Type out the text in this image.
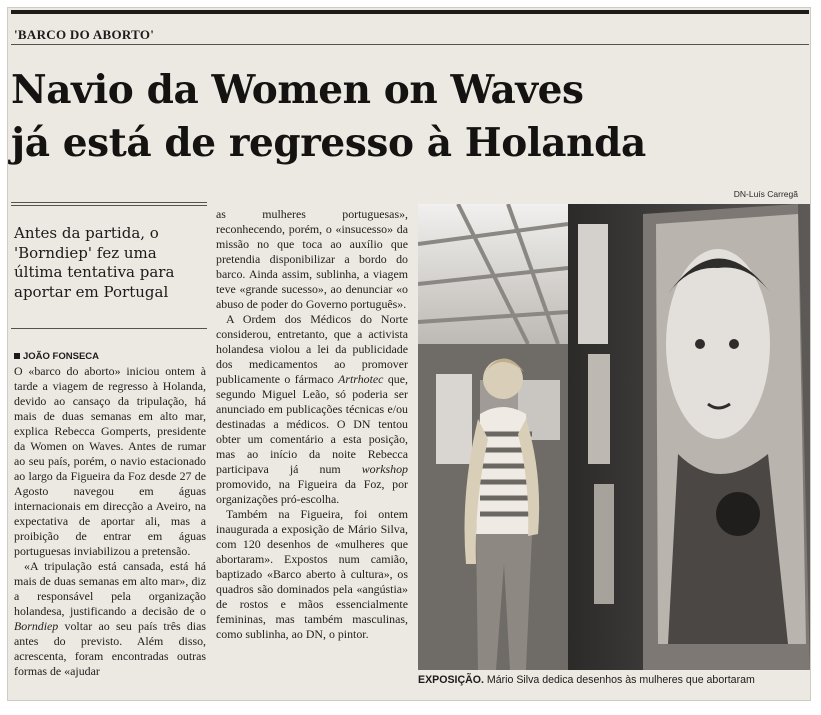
'BARCO DO ABORTO'
Navio da Women on Waves
já está de regresso à Holanda
DN-Luís Carregã
Antes da partida, o 'Borndiep' fez uma última tentativa para aportar em Portugal
JOÃO FONSECA

O «barco do aborto» iniciou ontem à tarde a viagem de regresso à Holanda, devido ao cansaço da tripulação, há mais de duas semanas em alto mar, explica Rebecca Gomperts, presidente da Women on Waves. Antes de rumar ao seu país, porém, o navio estacionado ao largo da Figueira da Foz desde 27 de Agosto navegou em águas internacionais em direcção a Aveiro, na expectativa de aportar ali, mas a proibição de entrar em águas portuguesas inviabilizou a pretensão.

«A tripulação está cansada, está há mais de duas semanas em alto mar», diz a responsável pela organização holandesa, justificando a decisão de o Borndiep voltar ao seu país três dias antes do previsto. Além disso, acrescenta, foram encontradas outras formas de «ajudar

as mulheres portuguesas», reconhecendo, porém, o «insucesso» da missão no que toca ao auxílio que pretendia disponibilizar a bordo do barco. Ainda assim, sublinha, a viagem teve «grande sucesso», ao denunciar «o abuso de poder do Governo português».

A Ordem dos Médicos do Norte considerou, entretanto, que a activista holandesa violou a lei da publicidade dos medicamentos ao promover publicamente o fármaco Artrhotec que, segundo Miguel Leão, só poderia ser anunciado em publicações técnicas e/ou destinadas a médicos. O DN tentou obter um comentário a esta posição, mas ao início da noite Rebecca participava já num workshop promovido, na Figueira da Foz, por organizações pró-escolha.

Também na Figueira, foi ontem inaugurada a exposição de Mário Silva, com 120 desenhos de «mulheres que abortaram». Expostos num camião, baptizado «Barco aberto à cultura», os quadros são dominados pela «angústia» de rostos e mãos essencialmente femininas, mas também masculinas, como sublinha, ao DN, o pintor.

EXPOSIÇÃO. Mário Silva dedica desenhos às mulheres que abortaram
